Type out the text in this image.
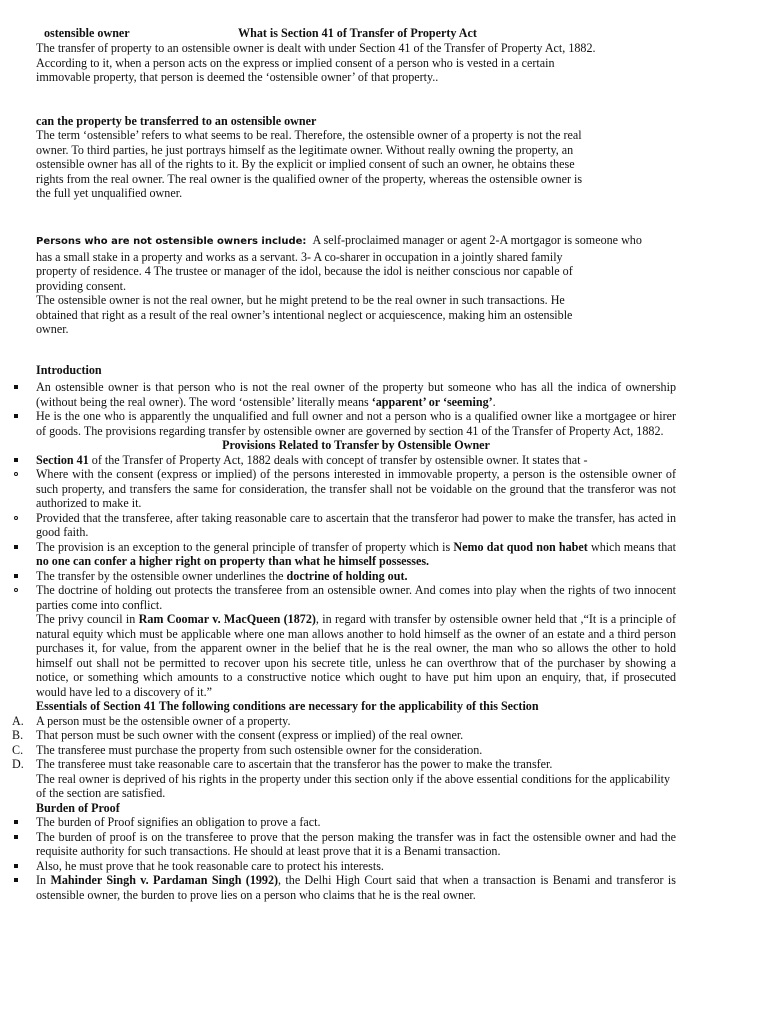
ostensible owner	What is Section 41 of Transfer of Property Act
The transfer of property to an ostensible owner is dealt with under Section 41 of the Transfer of Property Act, 1882.
According to it, when a person acts on the express or implied consent of a person who is vested in a certain
immovable property, that person is deemed the ‘ostensible owner’ of that property..
can the property be transferred to an ostensible owner
The term ‘ostensible’ refers to what seems to be real. Therefore, the ostensible owner of a property is not the real
owner. To third parties, he just portrays himself as the legitimate owner. Without really owning the property, an
ostensible owner has all of the rights to it. By the explicit or implied consent of such an owner, he obtains these
rights from the real owner. The real owner is the qualified owner of the property, whereas the ostensible owner is
the full yet unqualified owner.
Persons who are not ostensible owners include: A self-proclaimed manager or agent 2-A mortgagor is someone who
has a small stake in a property and works as a servant. 3- A co-sharer in occupation in a jointly shared family
property of residence. 4 The trustee or manager of the idol, because the idol is neither conscious nor capable of
providing consent.
The ostensible owner is not the real owner, but he might pretend to be the real owner in such transactions. He
obtained that right as a result of the real owner’s intentional neglect or acquiescence, making him an ostensible
owner.
Introduction
An ostensible owner is that person who is not the real owner of the property but someone who has all the indica of ownership (without being the real owner). The word ‘ostensible’ literally means ‘apparent’ or ‘seeming’.
He is the one who is apparently the unqualified and full owner and not a person who is a qualified owner like a mortgagee or hirer of goods. The provisions regarding transfer by ostensible owner are governed by section 41 of the Transfer of Property Act, 1882.
Provisions Related to Transfer by Ostensible Owner
Section 41 of the Transfer of Property Act, 1882 deals with concept of transfer by ostensible owner. It states that -
Where with the consent (express or implied) of the persons interested in immovable property, a person is the ostensible owner of such property, and transfers the same for consideration, the transfer shall not be voidable on the ground that the transferor was not authorized to make it.
Provided that the transferee, after taking reasonable care to ascertain that the transferor had power to make the transfer, has acted in good faith.
The provision is an exception to the general principle of transfer of property which is Nemo dat quod non habet which means that no one can confer a higher right on property than what he himself possesses.
The transfer by the ostensible owner underlines the doctrine of holding out.
The doctrine of holding out protects the transferee from an ostensible owner. And comes into play when the rights of two innocent parties come into conflict.
The privy council in Ram Coomar v. MacQueen (1872), in regard with transfer by ostensible owner held that ,“It is a principle of natural equity which must be applicable where one man allows another to hold himself as the owner of an estate and a third person purchases it, for value, from the apparent owner in the belief that he is the real owner, the man who so allows the other to hold himself out shall not be permitted to recover upon his secrete title, unless he can overthrow that of the purchaser by showing a notice, or something which amounts to a constructive notice which ought to have put him upon an enquiry, that, if prosecuted would have led to a discovery of it.”
Essentials of Section 41 The following conditions are necessary for the applicability of this Section
A.	A person must be the ostensible owner of a property.
B.	That person must be such owner with the consent (express or implied) of the real owner.
C.	The transferee must purchase the property from such ostensible owner for the consideration.
D.	The transferee must take reasonable care to ascertain that the transferor has the power to make the transfer.
The real owner is deprived of his rights in the property under this section only if the above essential conditions for the applicability of the section are satisfied.
Burden of Proof
The burden of Proof signifies an obligation to prove a fact.
The burden of proof is on the transferee to prove that the person making the transfer was in fact the ostensible owner and had the requisite authority for such transactions. He should at least prove that it is a Benami transaction.
Also, he must prove that he took reasonable care to protect his interests.
In Mahinder Singh v. Pardaman Singh (1992), the Delhi High Court said that when a transaction is Benami and transferor is ostensible owner, the burden to prove lies on a person who claims that he is the real owner.
